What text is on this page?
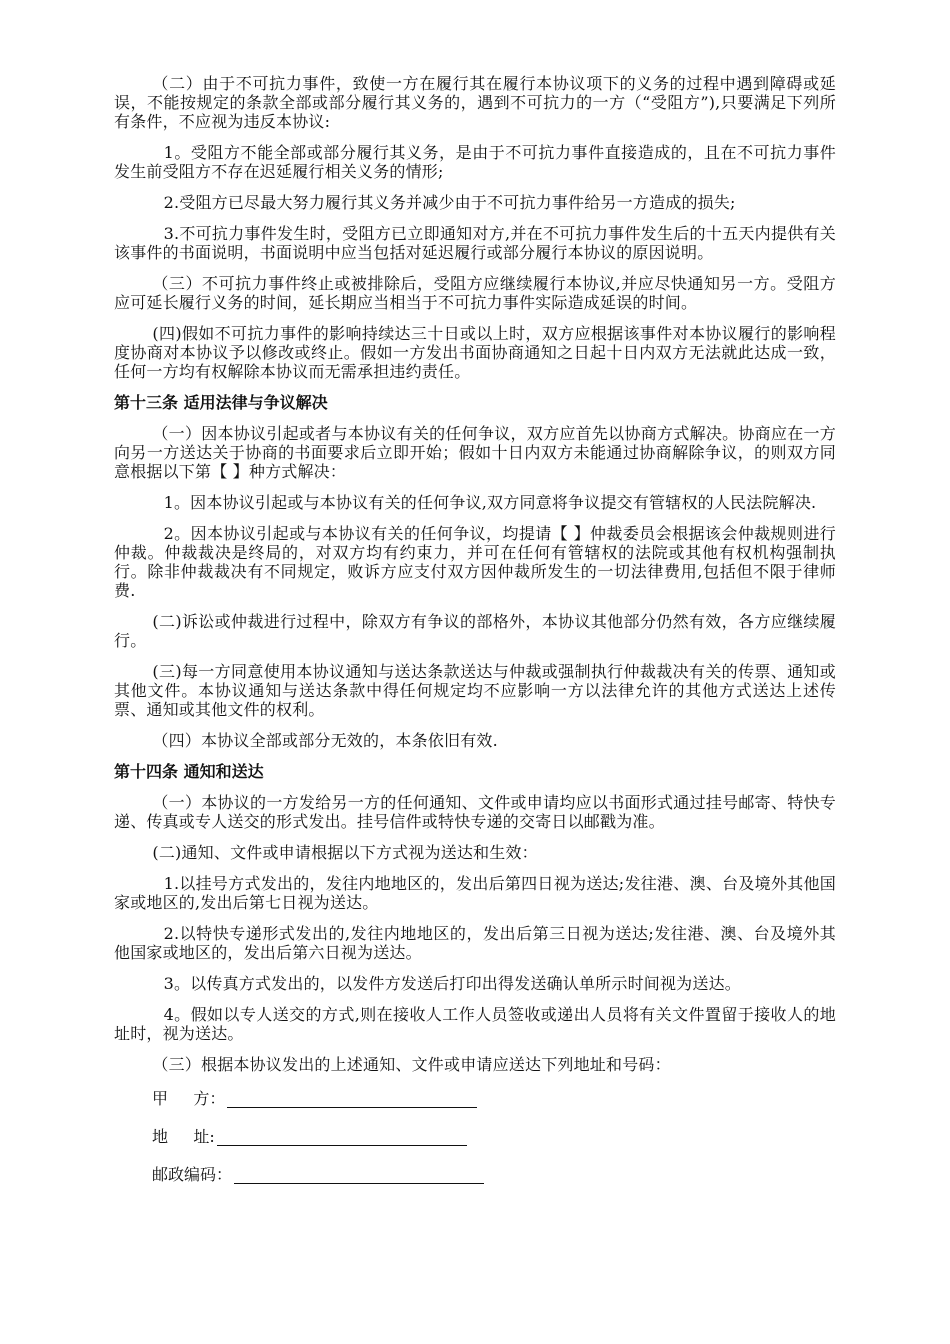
（二）由于不可抗力事件，致使一方在履行其在履行本协议项下的义务的过程中遇到障碍或延误，不能按规定的条款全部或部分履行其义务的，遇到不可抗力的一方（“受阻方”),只要满足下列所有条件，不应视为违反本协议:

1。受阻方不能全部或部分履行其义务，是由于不可抗力事件直接造成的，且在不可抗力事件发生前受阻方不存在迟延履行相关义务的情形;

2.受阻方已尽最大努力履行其义务并减少由于不可抗力事件给另一方造成的损失;

3.不可抗力事件发生时，受阻方已立即通知对方,并在不可抗力事件发生后的十五天内提供有关该事件的书面说明，书面说明中应当包括对延迟履行或部分履行本协议的原因说明。

（三）不可抗力事件终止或被排除后，受阻方应继续履行本协议,并应尽快通知另一方。受阻方应可延长履行义务的时间，延长期应当相当于不可抗力事件实际造成延误的时间。

(四)假如不可抗力事件的影响持续达三十日或以上时，双方应根据该事件对本协议履行的影响程度协商对本协议予以修改或终止。假如一方发出书面协商通知之日起十日内双方无法就此达成一致，任何一方均有权解除本协议而无需承担违约责任。

第十三条 适用法律与争议解决

（一）因本协议引起或者与本协议有关的任何争议，双方应首先以协商方式解决。协商应在一方向另一方送达关于协商的书面要求后立即开始；假如十日内双方未能通过协商解除争议，的则双方同意根据以下第【 】种方式解决：

1。因本协议引起或与本协议有关的任何争议,双方同意将争议提交有管辖权的人民法院解决.

2。因本协议引起或与本协议有关的任何争议，均提请【 】仲裁委员会根据该会仲裁规则进行仲裁。仲裁裁决是终局的，对双方均有约束力，并可在任何有管辖权的法院或其他有权机构强制执行。除非仲裁裁决有不同规定，败诉方应支付双方因仲裁所发生的一切法律费用,包括但不限于律师费.

(二)诉讼或仲裁进行过程中，除双方有争议的部格外，本协议其他部分仍然有效，各方应继续履行。

(三)每一方同意使用本协议通知与送达条款送达与仲裁或强制执行仲裁裁决有关的传票、通知或其他文件。本协议通知与送达条款中得任何规定均不应影响一方以法律允许的其他方式送达上述传票、通知或其他文件的权利。

（四）本协议全部或部分无效的，本条依旧有效.

第十四条 通知和送达

（一）本协议的一方发给另一方的任何通知、文件或申请均应以书面形式通过挂号邮寄、特快专递、传真或专人送交的形式发出。挂号信件或特快专递的交寄日以邮戳为准。

(二)通知、文件或申请根据以下方式视为送达和生效：

1.以挂号方式发出的，发往内地地区的，发出后第四日视为送达;发往港、澳、台及境外其他国家或地区的,发出后第七日视为送达。

2.以特快专递形式发出的,发往内地地区的，发出后第三日视为送达;发往港、澳、台及境外其他国家或地区的，发出后第六日视为送达。

3。以传真方式发出的，以发件方发送后打印出得发送确认单所示时间视为送达。

4。假如以专人送交的方式,则在接收人工作人员签收或递出人员将有关文件置留于接收人的地址时，视为送达。

（三）根据本协议发出的上述通知、文件或申请应送达下列地址和号码：

甲     方：
地     址:
邮政编码：
